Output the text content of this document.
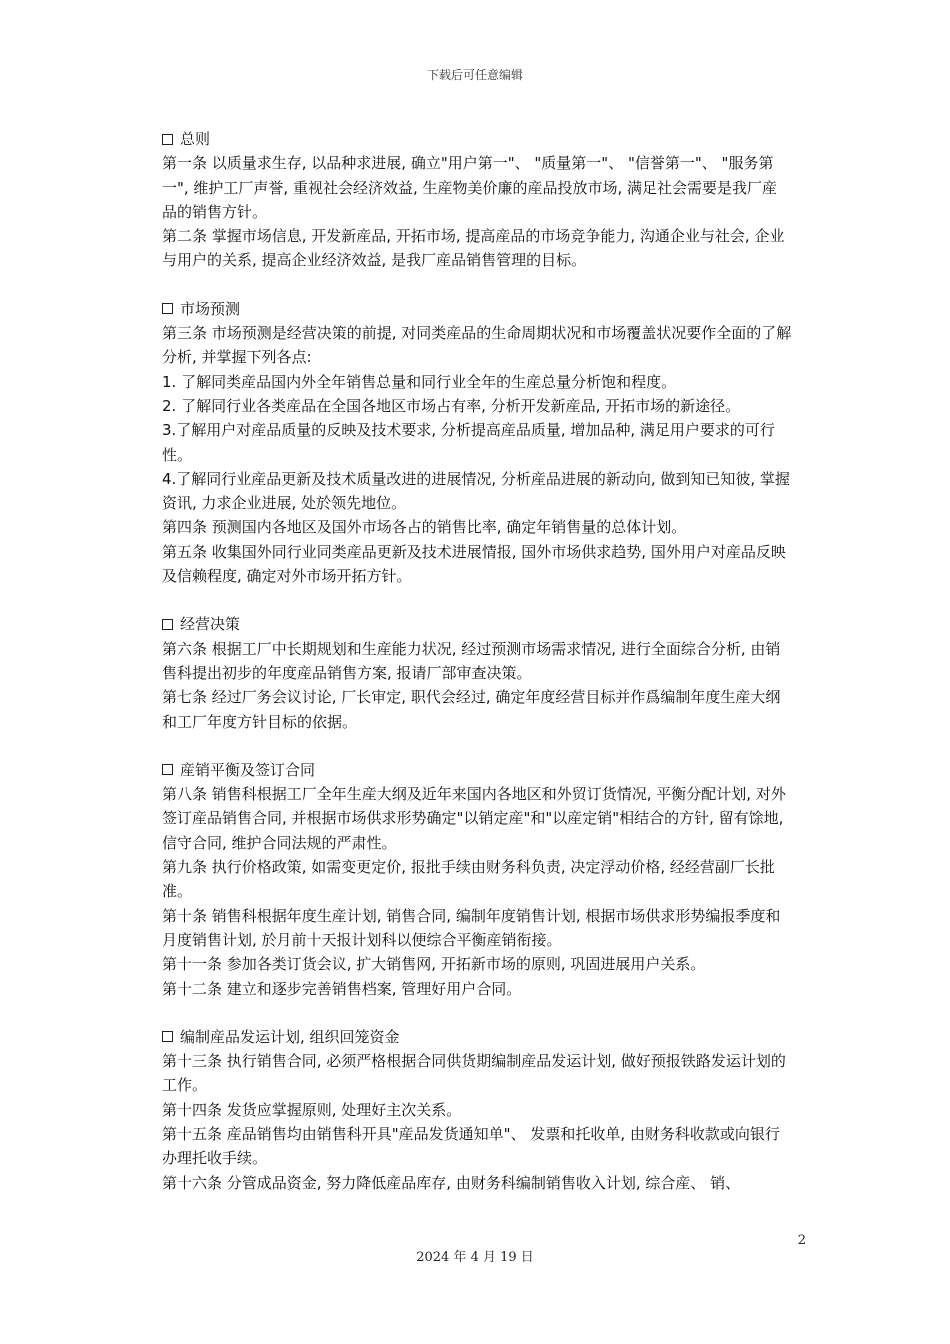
下载后可任意编辑
总则

第一条 以质量求生存, 以品种求进展, 确立"用户第一"、 "质量第一"、 "信誉第一"、 "服务第一", 维护工厂声誉, 重视社会经济效益, 生産物美价廉的産品投放市场, 满足社会需要是我厂産品的销售方针。

第二条 掌握市场信息, 开发新産品, 开拓市场, 提高産品的市场竞争能力, 沟通企业与社会, 企业与用户的关系, 提高企业经济效益, 是我厂産品销售管理的目标。

市场预测

第三条 市场预测是经营决策的前提, 对同类産品的生命周期状况和市场覆盖状况要作全面的了解分析, 并掌握下列各点:

1. 了解同类産品国内外全年销售总量和同行业全年的生産总量分析饱和程度。

2. 了解同行业各类産品在全国各地区市场占有率, 分析开发新産品, 开拓市场的新途径。

3.了解用户对産品质量的反映及技术要求, 分析提高産品质量, 增加品种, 满足用户要求的可行性。

4.了解同行业産品更新及技术质量改进的进展情况, 分析産品进展的新动向, 做到知已知彼, 掌握资讯, 力求企业进展, 处於领先地位。

第四条 预测国内各地区及国外市场各占的销售比率, 确定年销售量的总体计划。

第五条 收集国外同行业同类産品更新及技术进展情报, 国外市场供求趋势, 国外用户对産品反映及信赖程度, 确定对外市场开拓方针。

经营决策

第六条 根据工厂中长期规划和生産能力状况, 经过预测市场需求情况, 进行全面综合分析, 由销售科提出初步的年度産品销售方案, 报请厂部审查决策。

第七条 经过厂务会议讨论, 厂长审定, 职代会经过, 确定年度经营目标并作爲编制年度生産大纲和工厂年度方针目标的依据。

産销平衡及签订合同

第八条 销售科根据工厂全年生産大纲及近年来国内各地区和外贸订货情况, 平衡分配计划, 对外签订産品销售合同, 并根据市场供求形势确定"以销定産"和"以産定销"相结合的方针, 留有馀地, 信守合同, 维护合同法规的严肃性。

第九条 执行价格政策, 如需变更定价, 报批手续由财务科负责, 决定浮动价格, 经经营副厂长批准。

第十条 销售科根据年度生産计划, 销售合同, 编制年度销售计划, 根据市场供求形势编报季度和月度销售计划, 於月前十天报计划科以便综合平衡産销衔接。

第十一条 参加各类订货会议, 扩大销售网, 开拓新市场的原则, 巩固进展用户关系。

第十二条 建立和逐步完善销售档案, 管理好用户合同。

编制産品发运计划, 组织回笼资金

第十三条 执行销售合同, 必须严格根据合同供货期编制産品发运计划, 做好预报铁路发运计划的工作。

第十四条 发货应掌握原则, 处理好主次关系。

第十五条 産品销售均由销售科开具"産品发货通知单"、 发票和托收单, 由财务科收款或向银行办理托收手续。

第十六条 分管成品资金, 努力降低産品库存, 由财务科编制销售收入计划, 综合産、 销、

2
2024 年 4 月 19 日
